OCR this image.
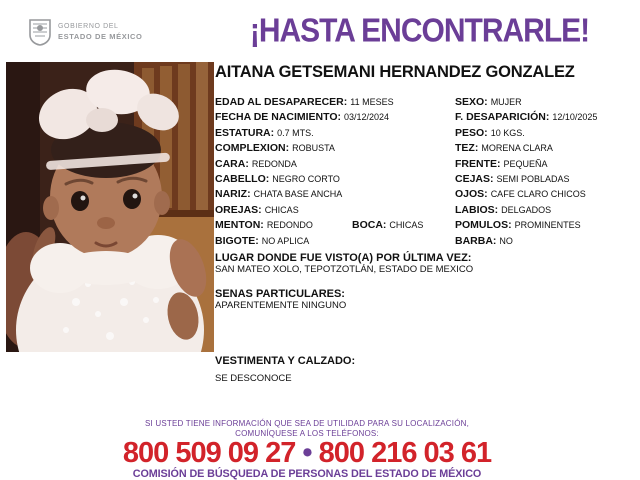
GOBIERNO DEL
ESTADO DE MÉXICO	¡HASTA ENCONTRARLE!
AITANA GETSEMANI HERNANDEZ GONZALEZ
EDAD AL DESAPARECER: 11 MESES	SEXO: MUJER
FECHA DE NACIMIENTO: 03/12/2024	F. DESAPARICIÓN: 12/10/2025
ESTATURA: 0.7 MTS.	PESO: 10 KGS.
COMPLEXION: ROBUSTA	TEZ: MORENA CLARA
CARA: REDONDA	FRENTE: PEQUEÑA
CABELLO: NEGRO CORTO	CEJAS: SEMI POBLADAS
NARIZ: CHATA BASE ANCHA	OJOS: CAFE CLARO CHICOS
OREJAS: CHICAS	LABIOS: DELGADOS
MENTON: REDONDO	BOCA: CHICAS	POMULOS: PROMINENTES
BIGOTE: NO APLICA	BARBA: NO
LUGAR DONDE FUE VISTO(A) POR ÚLTIMA VEZ:
SAN MATEO XOLO, TEPOTZOTLÁN, ESTADO DE MEXICO
SENAS PARTICULARES:
APARENTEMENTE NINGUNO
VESTIMENTA Y CALZADO:
SE DESCONOCE
SI USTED TIENE INFORMACIÓN QUE SEA DE UTILIDAD PARA SU LOCALIZACIÓN,
COMUNÍQUESE A LOS TELÉFONOS:
800 509 09 27 • 800 216 03 61
COMISIÓN DE BÚSQUEDA DE PERSONAS DEL ESTADO DE MÉXICO
